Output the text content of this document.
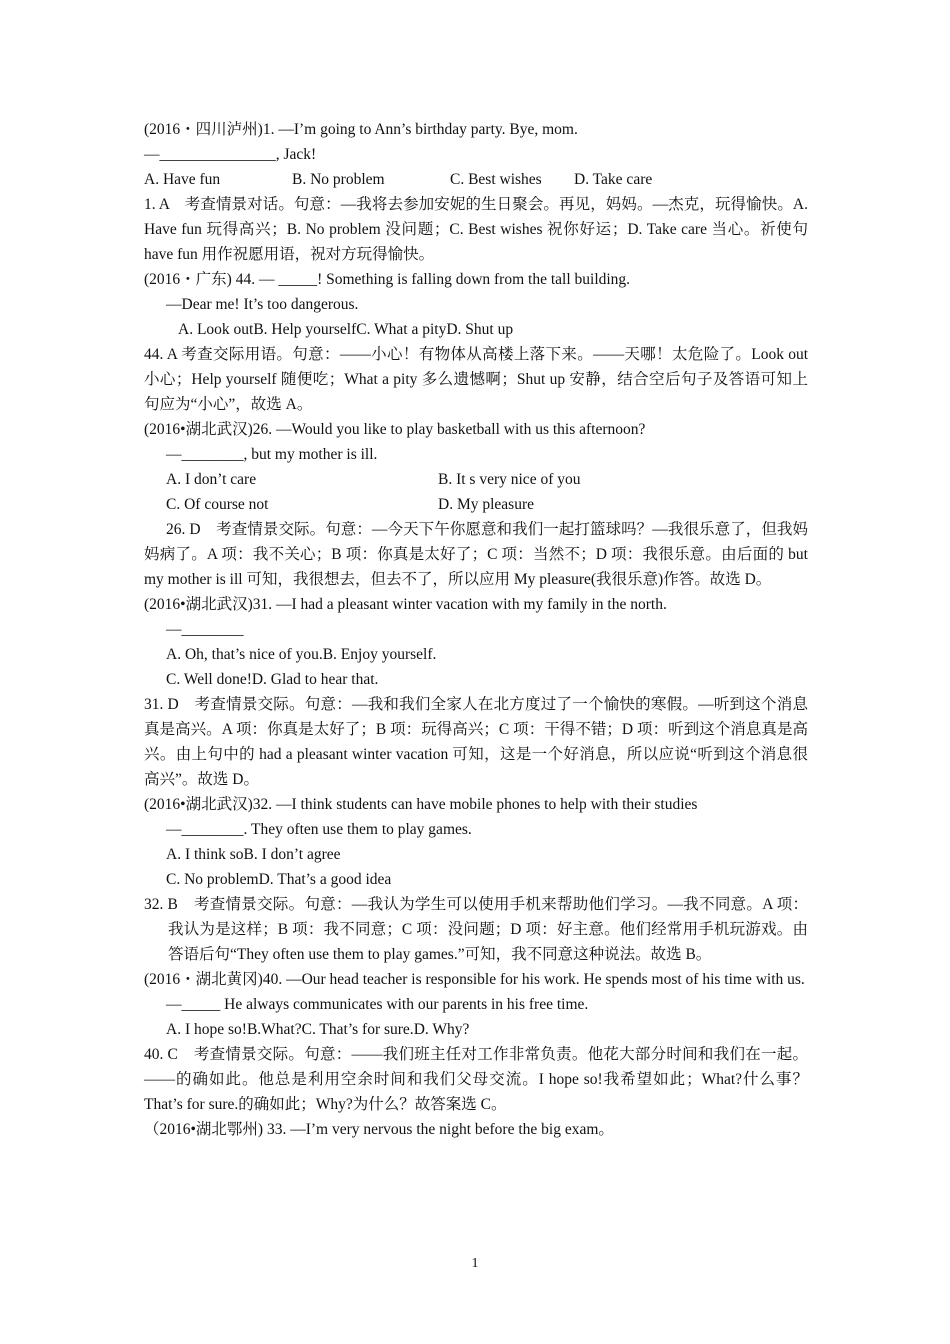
(2016・四川泸州)1. —I’m going to Ann’s birthday party. Bye, mom.
—_______________, Jack!
A. Have fun	B. No problem	C. Best wishes D. Take care
1. A　考查情景对话。句意：—我将去参加安妮的生日聚会。再见，妈妈。—杰克，玩得愉快。A. Have fun 玩得高兴；B. No problem 没问题；C. Best wishes 祝你好运；D. Take care 当心。祈使句 have fun 用作祝愿用语，祝对方玩得愉快。
(2016・广东) 44. — _____! Something is falling down from the tall building.
—Dear me! It’s too dangerous.
A. Look outB. Help yourselfC. What a pityD. Shut up
44. A 考查交际用语。句意：——小心！有物体从高楼上落下来。——天哪！太危险了。Look out 小心；Help yourself 随便吃；What a pity 多么遗憾啊；Shut up 安静，结合空后句子及答语可知上句应为“小心”，故选 A。
(2016•湖北武汉)26. —Would you like to play basketball with us this afternoon?
—________, but my mother is ill.
A. I don’t care	B. It s very nice of you
C. Of course not	D. My pleasure
26. D　考查情景交际。句意：—今天下午你愿意和我们一起打篮球吗？—我很乐意了，但我妈妈病了。A 项：我不关心；B 项：你真是太好了；C 项：当然不；D 项：我很乐意。由后面的 but my mother is ill 可知，我很想去，但去不了，所以应用 My pleasure(我很乐意)作答。故选 D。
(2016•湖北武汉)31. —I had a pleasant winter vacation with my family in the north.
—________
A. Oh, that’s nice of you.B. Enjoy yourself.
C. Well done!D. Glad to hear that.
31. D　考查情景交际。句意：—我和我们全家人在北方度过了一个愉快的寒假。—听到这个消息真是高兴。A 项：你真是太好了；B 项：玩得高兴；C 项：干得不错；D 项：听到这个消息真是高兴。由上句中的 had a pleasant winter vacation 可知，这是一个好消息，所以应说“听到这个消息很高兴”。故选 D。
(2016•湖北武汉)32. —I think students can have mobile phones to help with their studies
—________. They often use them to play games.
A. I think soB. I don’t agree
C. No problemD. That’s a good idea
32. B　考查情景交际。句意：—我认为学生可以使用手机来帮助他们学习。—我不同意。A 项：我认为是这样；B 项：我不同意；C 项：没问题；D 项：好主意。他们经常用手机玩游戏。由答语后句“They often use them to play games.”可知，我不同意这种说法。故选 B。
(2016・湖北黄冈)40. —Our head teacher is responsible for his work. He spends most of his time with us.
—_____ He always communicates with our parents in his free time.
A. I hope so!B.What?C. That’s for sure.D. Why?
40. C　考查情景交际。句意：——我们班主任对工作非常负责。他花大部分时间和我们在一起。——的确如此。他总是利用空余时间和我们父母交流。I hope so!我希望如此；What?什么事？That’s for sure.的确如此；Why?为什么？故答案选 C。
（2016•湖北鄂州) 33. —I’m very nervous the night before the big exam。
1
